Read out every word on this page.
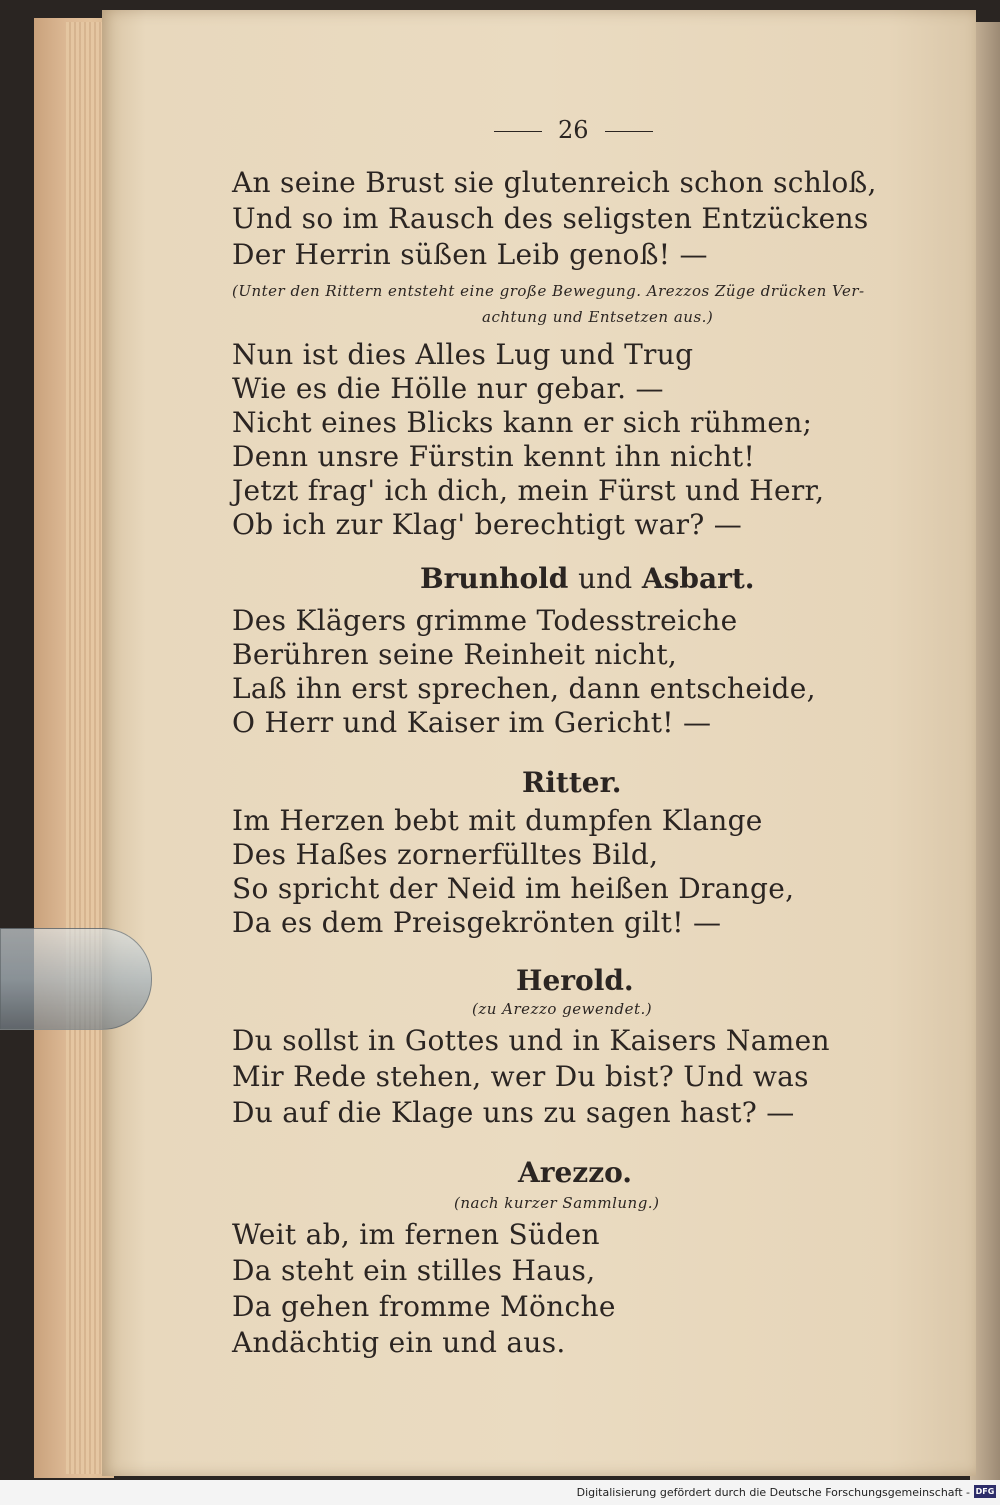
26
An seine Brust sie glutenreich schon schloß,
Und so im Rausch des seligsten Entzückens
Der Herrin süßen Leib genoß! —
(Unter den Rittern entsteht eine große Bewegung. Arezzos Züge drücken Ver-
achtung und Entsetzen aus.)
Nun ist dies Alles Lug und Trug
Wie es die Hölle nur gebar. —
Nicht eines Blicks kann er sich rühmen;
Denn unsre Fürstin kennt ihn nicht!
Jetzt frag' ich dich, mein Fürst und Herr,
Ob ich zur Klag' berechtigt war? —
Brunhold und Asbart.
Des Klägers grimme Todesstreiche
Berühren seine Reinheit nicht,
Laß ihn erst sprechen, dann entscheide,
O Herr und Kaiser im Gericht! —
Ritter.
Im Herzen bebt mit dumpfen Klange
Des Haßes zornerfülltes Bild,
So spricht der Neid im heißen Drange,
Da es dem Preisgekrönten gilt! —
Herold.
(zu Arezzo gewendet.)
Du sollst in Gottes und in Kaisers Namen
Mir Rede stehen, wer Du bist? Und was
Du auf die Klage uns zu sagen hast? —
Arezzo.
(nach kurzer Sammlung.)
Weit ab, im fernen Süden
Da steht ein stilles Haus,
Da gehen fromme Mönche
Andächtig ein und aus.
Digitalisierung gefördert durch die Deutsche Forschungsgemeinschaft - DFG
